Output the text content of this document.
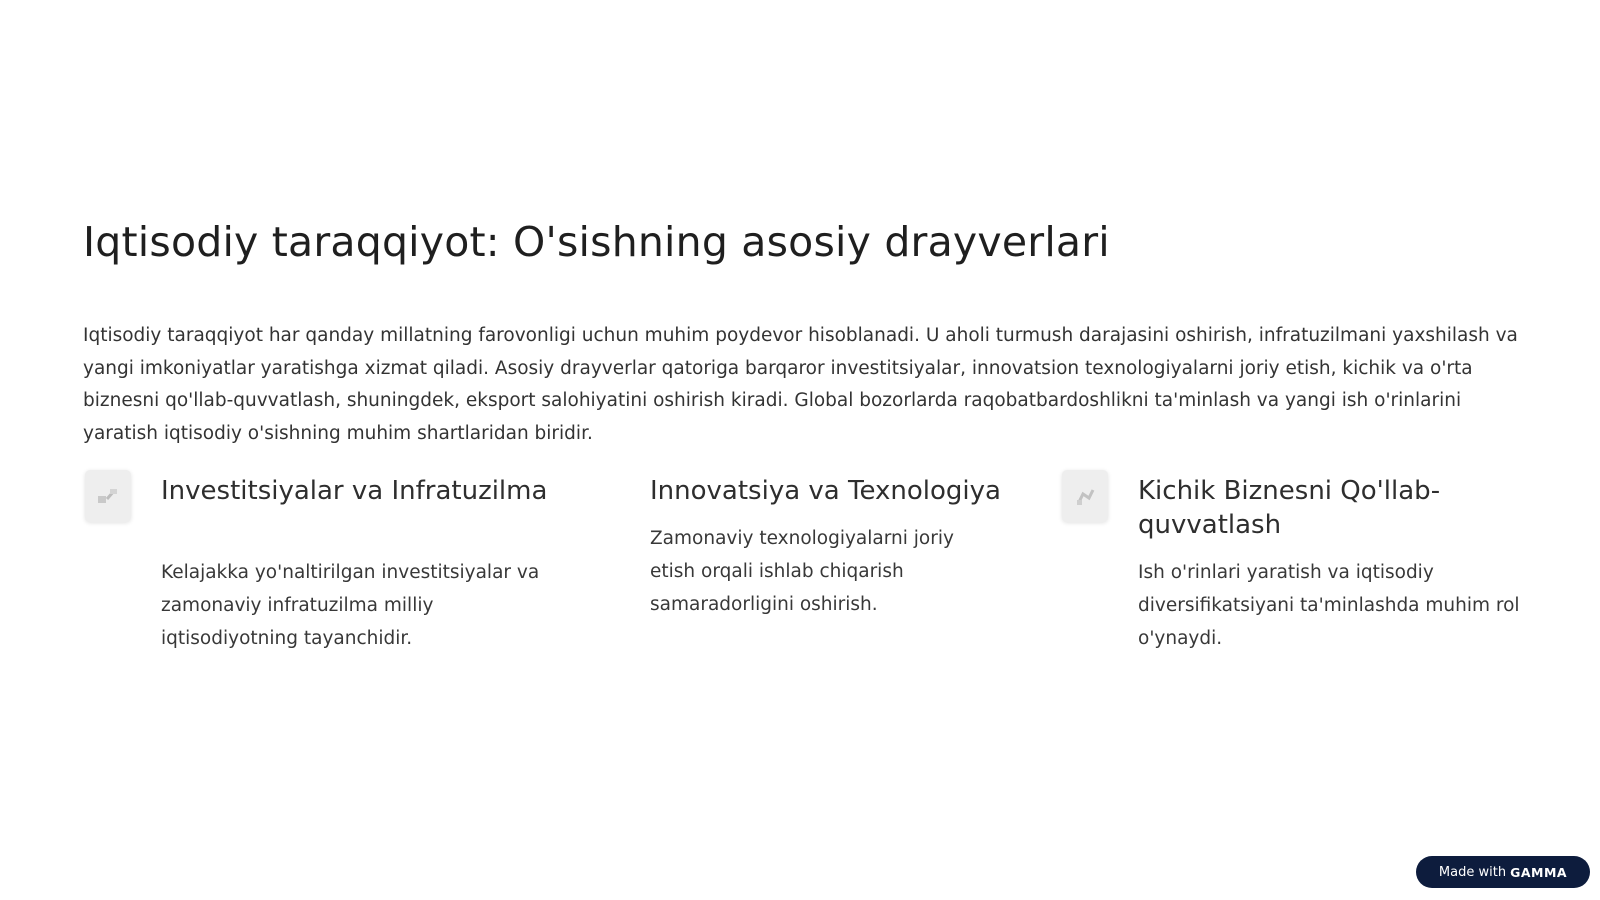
Iqtisodiy taraqqiyot: O'sishning asosiy drayverlari

Iqtisodiy taraqqiyot har qanday millatning farovonligi uchun muhim poydevor hisoblanadi. U aholi turmush darajasini oshirish, infratuzilmani yaxshilash va yangi imkoniyatlar yaratishga xizmat qiladi. Asosiy drayverlar qatoriga barqaror investitsiyalar, innovatsion texnologiyalarni joriy etish, kichik va o'rta biznesni qo'llab-quvvatlash, shuningdek, eksport salohiyatini oshirish kiradi. Global bozorlarda raqobatbardoshlikni ta'minlash va yangi ish o'rinlarini yaratish iqtisodiy o'sishning muhim shartlaridan biridir.

Investitsiyalar va Infratuzilma

Kelajakka yo'naltirilgan investitsiyalar va zamonaviy infratuzilma milliy iqtisodiyotning tayanchidir.

Innovatsiya va Texnologiya

Zamonaviy texnologiyalarni joriy etish orqali ishlab chiqarish samaradorligini oshirish.

Kichik Biznesni Qo'llab-quvvatlash

Ish o'rinlari yaratish va iqtisodiy diversifikatsiyani ta'minlashda muhim rol o'ynaydi.

Made with GAMMA
